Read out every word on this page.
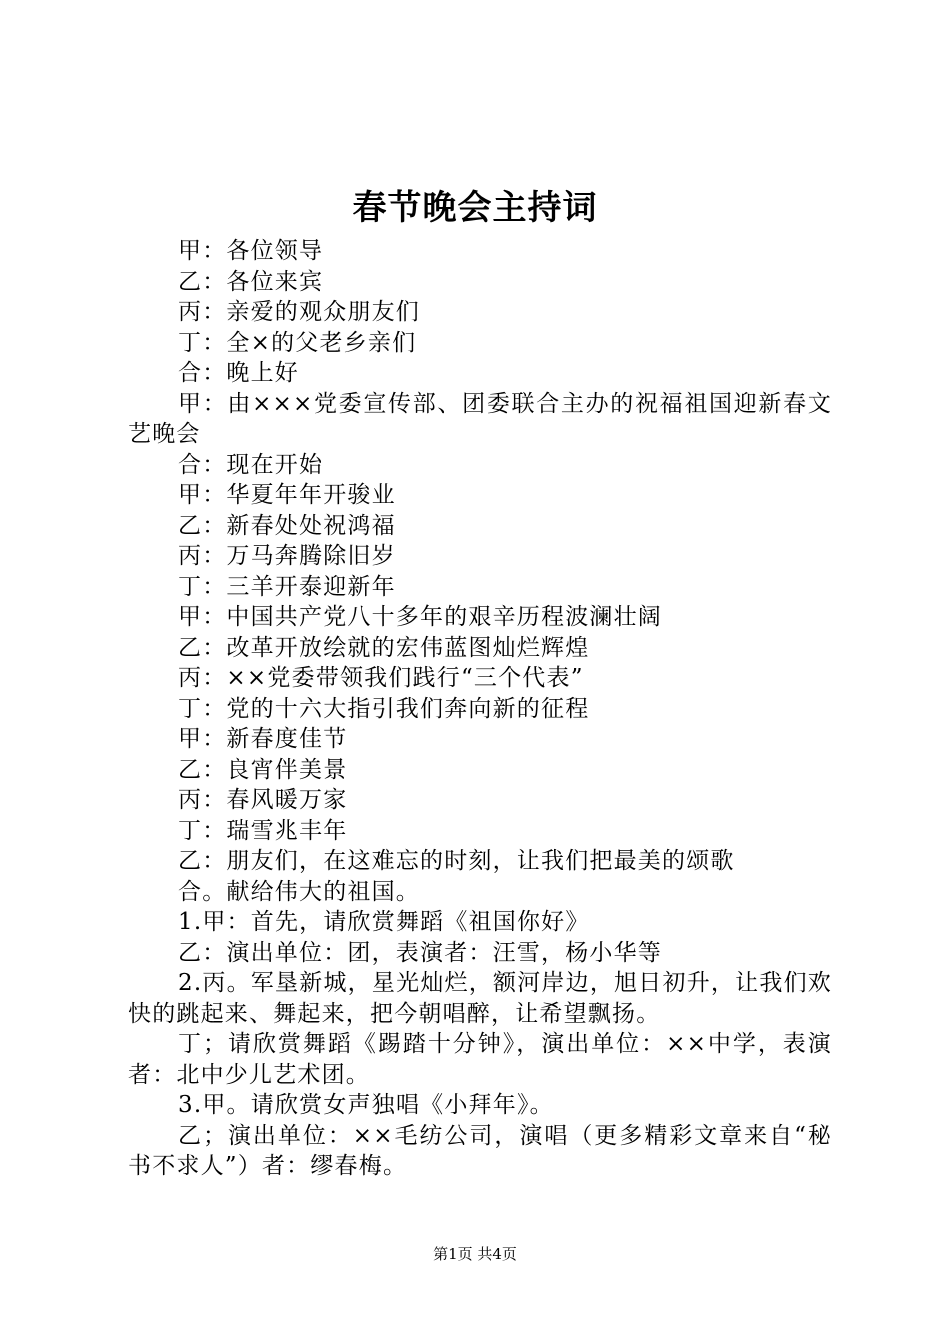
春节晚会主持词
甲：各位领导
乙：各位来宾
丙：亲爱的观众朋友们
丁：全×的父老乡亲们
合：晚上好
甲：由×××党委宣传部、团委联合主办的祝福祖国迎新春文艺晚会
合：现在开始
甲：华夏年年开骏业
乙：新春处处祝鸿福
丙：万马奔腾除旧岁
丁：三羊开泰迎新年
甲：中国共产党八十多年的艰辛历程波澜壮阔
乙：改革开放绘就的宏伟蓝图灿烂辉煌
丙：××党委带领我们践行“三个代表”
丁：党的十六大指引我们奔向新的征程
甲：新春度佳节
乙：良宵伴美景
丙：春风暖万家
丁：瑞雪兆丰年
乙：朋友们，在这难忘的时刻，让我们把最美的颂歌
合。献给伟大的祖国。
1.甲：首先，请欣赏舞蹈《祖国你好》
乙：演出单位：团，表演者：汪雪，杨小华等
2.丙。军垦新城，星光灿烂，额河岸边，旭日初升，让我们欢快的跳起来、舞起来，把今朝唱醉，让希望飘扬。
丁；请欣赏舞蹈《踢踏十分钟》，演出单位：××中学，表演者：北中少儿艺术团。
3.甲。请欣赏女声独唱《小拜年》。
乙；演出单位：××毛纺公司，演唱（更多精彩文章来自“秘书不求人”）者：缪春梅。
第1页 共4页
